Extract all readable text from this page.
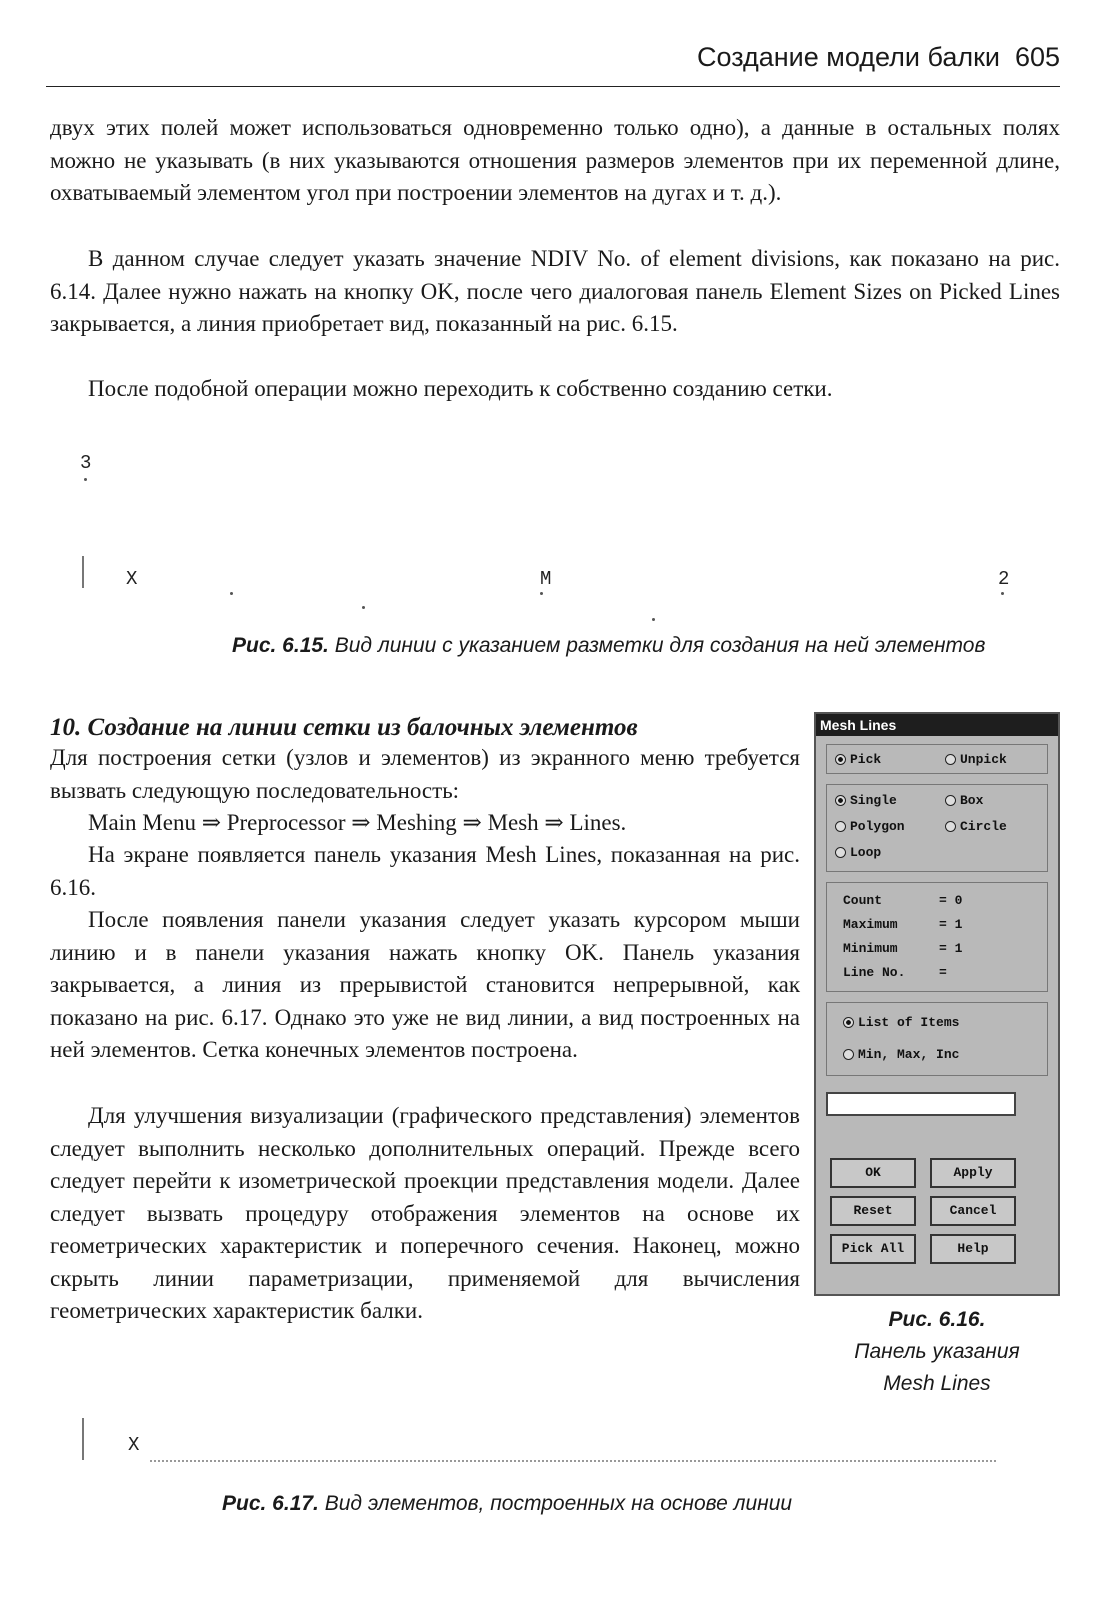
Создание модели балки 605

двух этих полей может использоваться одновременно только одно), а данные в остальных полях можно не указывать (в них указываются отношения размеров элементов при их переменной длине, охватываемый элементом угол при построении элементов на дугах и т. д.).

В данном случае следует указать значение NDIV No. of element divisions, как показано на рис. 6.14. Далее нужно нажать на кнопку OK, после чего диалоговая панель Element Sizes on Picked Lines закрывается, а линия приобретает вид, показанный на рис. 6.15.

После подобной операции можно переходить к собственно созданию сетки.

3
X	M	2
Рис. 6.15. Вид линии с указанием разметки для создания на ней элементов
10. Создание на линии сетки из балочных элементов

Для построения сетки (узлов и элементов) из экранного меню требуется вызвать следующую последовательность:

Main Menu ⇒ Preprocessor ⇒ Meshing ⇒ Mesh ⇒ Lines.

На экране появляется панель указания Mesh Lines, показанная на рис. 6.16.

После появления панели указания следует указать курсором мыши линию и в панели указания нажать кнопку OK. Панель указания закрывается, а линия из прерывистой становится непрерывной, как показано на рис. 6.17. Однако это уже не вид линии, а вид построенных на ней элементов. Сетка конечных элементов построена.

Для улучшения визуализации (графического представления) элементов следует выполнить несколько дополнительных операций. Прежде всего следует перейти к изометрической проекции представления модели. Далее следует вызвать процедуру отображения элементов на основе их геометрических характеристик и поперечного сечения. Наконец, можно скрыть линии параметризации, применяемой для вычисления геометрических характеристик балки.

Mesh Lines
Pick	Unpick
Single	Box
Polygon	Circle
Loop
Count	= 0
Maximum	= 1
Minimum	= 1
Line No.	=
List of Items
Min, Max, Inc
OK	Apply
Reset	Cancel
Pick All	Help
Рис. 6.16.
Панель указания
Mesh Lines
X
Рис. 6.17. Вид элементов, построенных на основе линии
